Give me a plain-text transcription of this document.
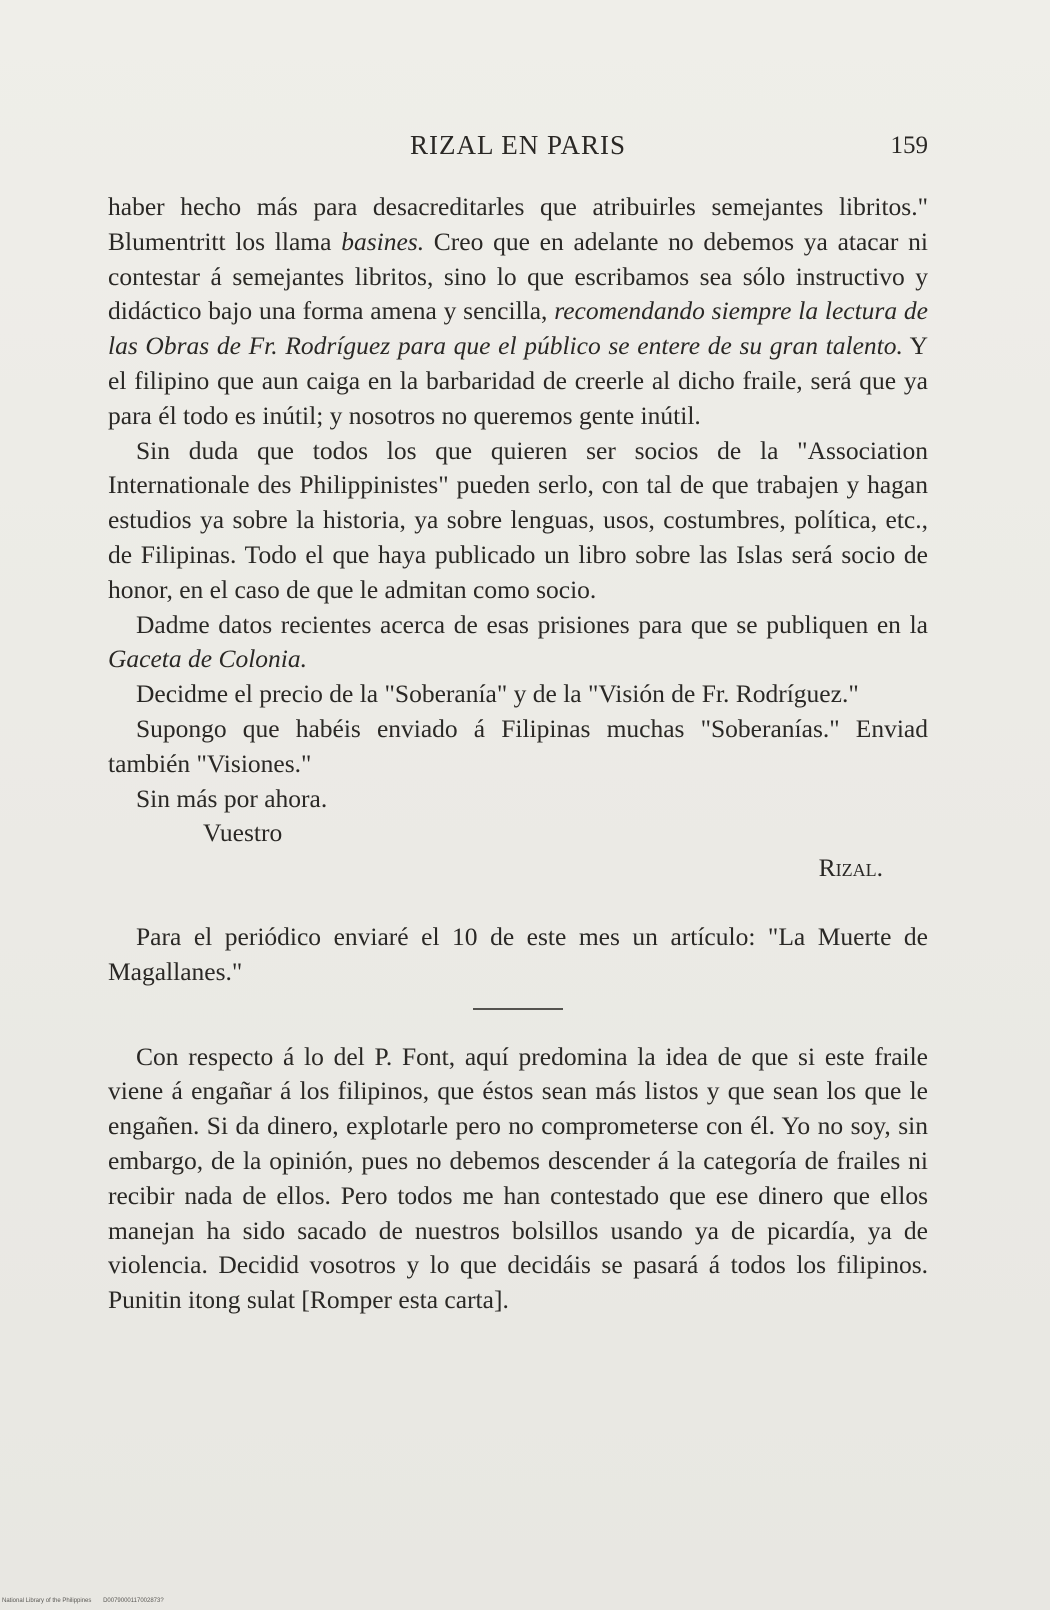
RIZAL EN PARIS	159

haber hecho más para desacreditarles que atribuirles semejantes libritos." Blumentritt los llama basines. Creo que en adelante no debemos ya atacar ni contestar á semejantes libritos, sino lo que escribamos sea sólo instructivo y didáctico bajo una forma amena y sencilla, recomendando siempre la lectura de las Obras de Fr. Rodríguez para que el público se entere de su gran talento. Y el filipino que aun caiga en la barbaridad de creerle al dicho fraile, será que ya para él todo es inútil; y nosotros no queremos gente inútil.

Sin duda que todos los que quieren ser socios de la "Association Internationale des Philippinistes" pueden serlo, con tal de que trabajen y hagan estudios ya sobre la historia, ya sobre lenguas, usos, costumbres, política, etc., de Filipinas. Todo el que haya publicado un libro sobre las Islas será socio de honor, en el caso de que le admitan como socio.

Dadme datos recientes acerca de esas prisiones para que se publiquen en la Gaceta de Colonia.

Decidme el precio de la "Soberanía" y de la "Visión de Fr. Rodríguez."

Supongo que habéis enviado á Filipinas muchas "Soberanías." Enviad también "Visiones."

Sin más por ahora.

Vuestro

Rizal.

Para el periódico enviaré el 10 de este mes un artículo: "La Muerte de Magallanes."

Con respecto á lo del P. Font, aquí predomina la idea de que si este fraile viene á engañar á los filipinos, que éstos sean más listos y que sean los que le engañen. Si da dinero, explotarle pero no comprometerse con él. Yo no soy, sin embargo, de la opinión, pues no debemos descender á la categoría de frailes ni recibir nada de ellos. Pero todos me han contestado que ese dinero que ellos manejan ha sido sacado de nuestros bolsillos usando ya de picardía, ya de violencia. Decidid vosotros y lo que decidáis se pasará á todos los filipinos. Punitin itong sulat [Romper esta carta].

National Library of the Philippines D0079000117002873?
